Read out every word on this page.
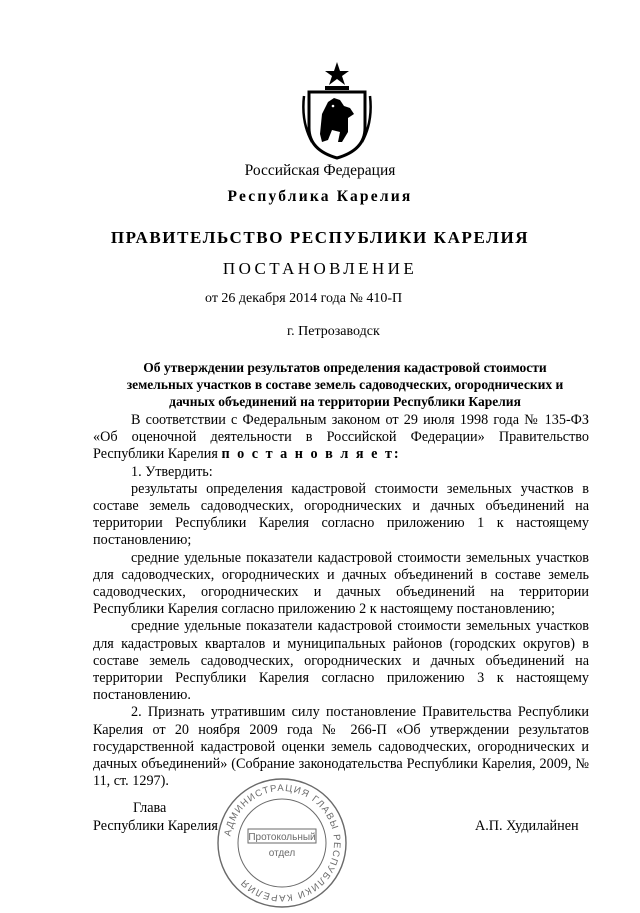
Российская Федерация
Республика Карелия
ПРАВИТЕЛЬСТВО РЕСПУБЛИКИ КАРЕЛИЯ
ПОСТАНОВЛЕНИЕ
от 26 декабря 2014 года № 410-П
г. Петрозаводск
Об утверждении результатов определения кадастровой стоимости
земельных участков в составе земель садоводческих, огороднических и
дачных объединений на территории Республики Карелия

В соответствии с Федеральным законом от 29 июля 1998 года № 135-ФЗ «Об оценочной деятельности в Российской Федерации» Правительство Республики Карелия п о с т а н о в л я е т:

1. Утвердить:

результаты определения кадастровой стоимости земельных участков в составе земель садоводческих, огороднических и дачных объединений на территории Республики Карелия согласно приложению 1 к настоящему постановлению;

средние удельные показатели кадастровой стоимости земельных участков для садоводческих, огороднических и дачных объединений в составе земель садоводческих, огороднических и дачных объединений на территории Республики Карелия согласно приложению 2 к настоящему постановлению;

средние удельные показатели кадастровой стоимости земельных участков для кадастровых кварталов и муниципальных районов (городских округов) в составе земель садоводческих, огороднических и дачных объединений на территории Республики Карелия согласно приложению 3 к настоящему постановлению.

2. Признать утратившим силу постановление Правительства Республики Карелия от 20 ноября 2009 года № 266-П «Об утверждении результатов государственной кадастровой оценки земель садоводческих, огороднических и дачных объединений» (Собрание законодательства Республики Карелия, 2009, № 11, ст. 1297).

Глава
Республики Карелия	А.П. Худилайнен
АДМИНИСТРАЦИЯ ГЛАВЫ РЕСПУБЛИКИ КАРЕЛИЯ
Протокольный
отдел
